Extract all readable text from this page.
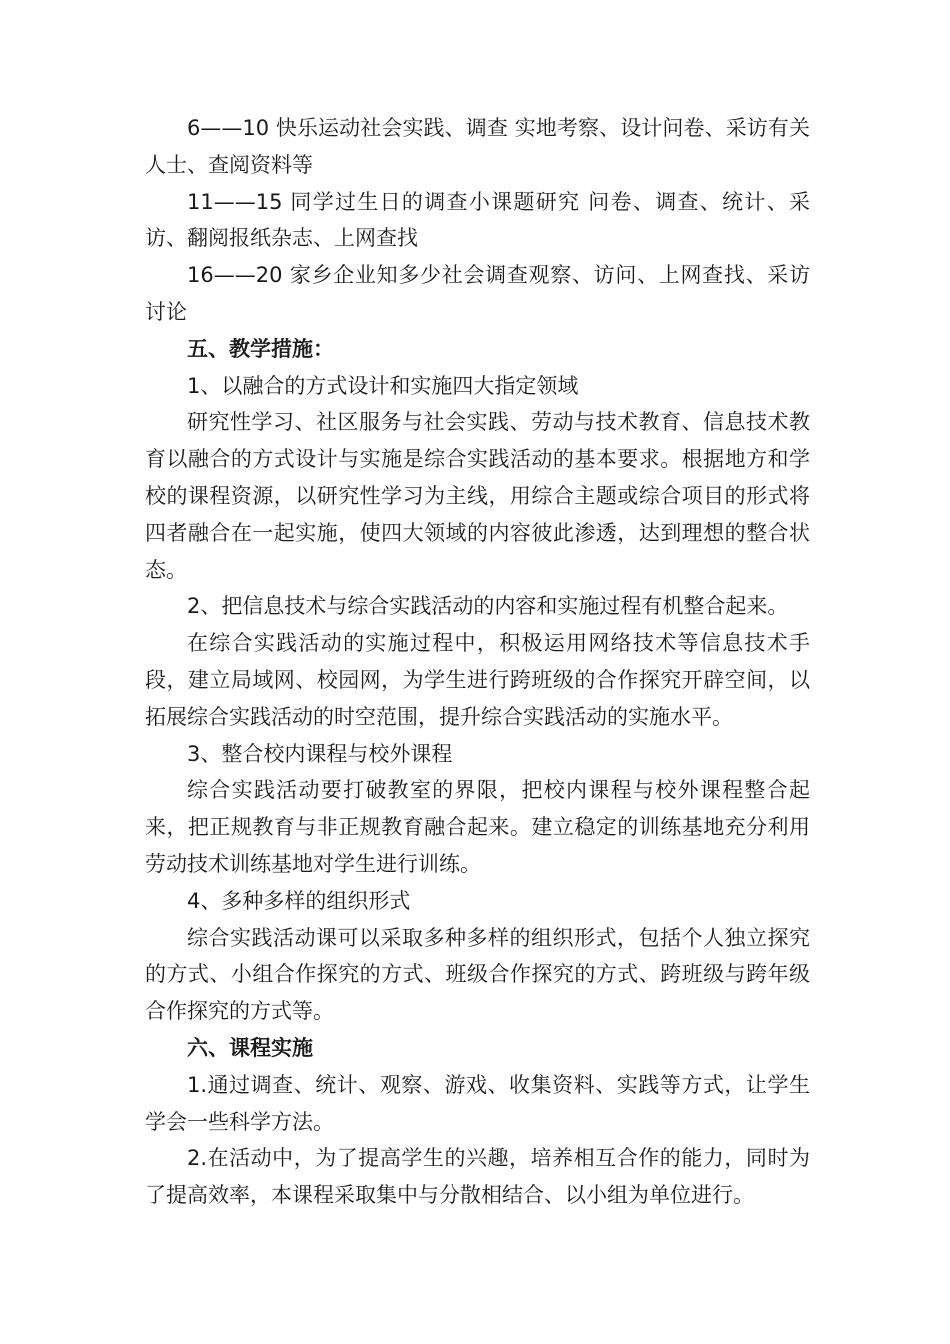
6——10 快乐运动社会实践、调查 实地考察、设计问卷、采访有关人士、查阅资料等

11——15 同学过生日的调查小课题研究 问卷、调查、统计、采访、翻阅报纸杂志、上网查找

16——20 家乡企业知多少社会调查观察、访问、上网查找、采访讨论

五、教学措施：

1、以融合的方式设计和实施四大指定领域

研究性学习、社区服务与社会实践、劳动与技术教育、信息技术教育以融合的方式设计与实施是综合实践活动的基本要求。根据地方和学校的课程资源，以研究性学习为主线，用综合主题或综合项目的形式将四者融合在一起实施，使四大领域的内容彼此渗透，达到理想的整合状态。

2、把信息技术与综合实践活动的内容和实施过程有机整合起来。

在综合实践活动的实施过程中，积极运用网络技术等信息技术手段，建立局域网、校园网，为学生进行跨班级的合作探究开辟空间，以拓展综合实践活动的时空范围，提升综合实践活动的实施水平。

3、整合校内课程与校外课程

综合实践活动要打破教室的界限，把校内课程与校外课程整合起来，把正规教育与非正规教育融合起来。建立稳定的训练基地充分利用劳动技术训练基地对学生进行训练。

4、多种多样的组织形式

综合实践活动课可以采取多种多样的组织形式，包括个人独立探究的方式、小组合作探究的方式、班级合作探究的方式、跨班级与跨年级合作探究的方式等。

六、课程实施

1.通过调查、统计、观察、游戏、收集资料、实践等方式，让学生学会一些科学方法。

2.在活动中，为了提高学生的兴趣，培养相互合作的能力，同时为了提高效率，本课程采取集中与分散相结合、以小组为单位进行。
